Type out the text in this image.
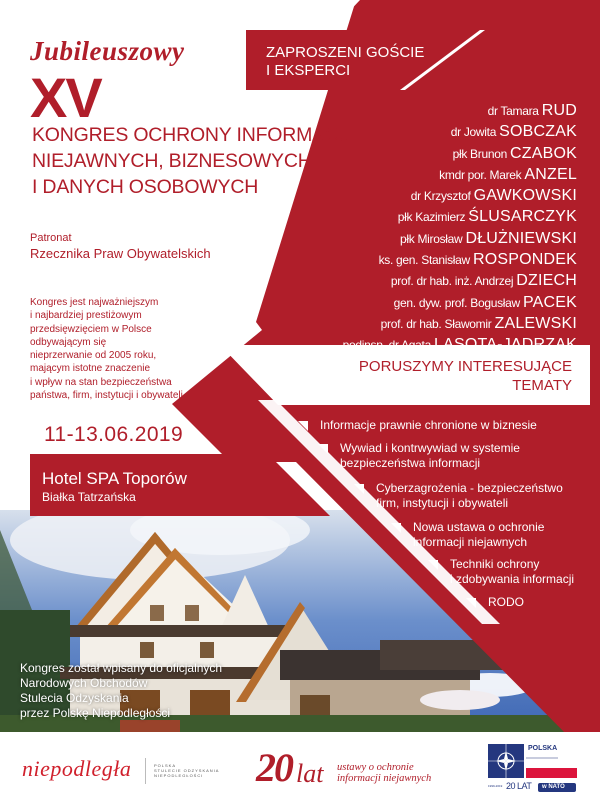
Jubileuszowy
XV
KONGRES OCHRONY INFORMACJI
NIEJAWNYCH, BIZNESOWYCH
I DANYCH OSOBOWYCH
ZAPROSZENI GOŚCIE
I EKSPERCI
dr Tamara RUD
dr Jowita SOBCZAK
płk Brunon CZABOK
kmdr por. Marek ANZEL
dr Krzysztof GAWKOWSKI
płk Kazimierz ŚLUSARCZYK
płk Mirosław DŁUŻNIEWSKI
ks. gen. Stanisław ROSPONDEK
prof. dr hab. inż. Andrzej DZIECH
gen. dyw. prof. Bogusław PACEK
prof. dr hab. Sławomir ZALEWSKI
podinsp. dr Agata LASOTA-JĄDRZAK
Patronat
Rzecznika Praw Obywatelskich
Kongres jest najważniejszym
i najbardziej prestiżowym
przedsięwzięciem w Polsce
odbywającym się
nieprzerwanie od 2005 roku,
mającym istotne znaczenie
i wpływ na stan bezpieczeństwa
państwa, firm, instytucji i obywateli.
11-13.06.2019
Hotel SPA Toporów
Białka Tatrzańska
PORUSZYMY INTERESUJĄCE
TEMATY
Informacje prawnie chronione w biznesie
Wywiad i kontrwywiad w systemie
bezpieczeństwa informacji
Cyberzagrożenia - bezpieczeństwo
firm, instytucji i obywateli
Nowa ustawa o ochronie
informacji niejawnych
Techniki ochrony
i zdobywania informacji
RODO
Kongres został wpisany do oficjalnych
Narodowych Obchodów
Stulecia Odzyskania
przez Polskę Niepodległości
niepodległa	POLSKA
STULECIE ODZYSKANIA
NIEPODLEGŁOŚCI	20 lat ustawy o ochronie
informacji niejawnych
POLSKA
1999-2019 20 LAT w NATO
